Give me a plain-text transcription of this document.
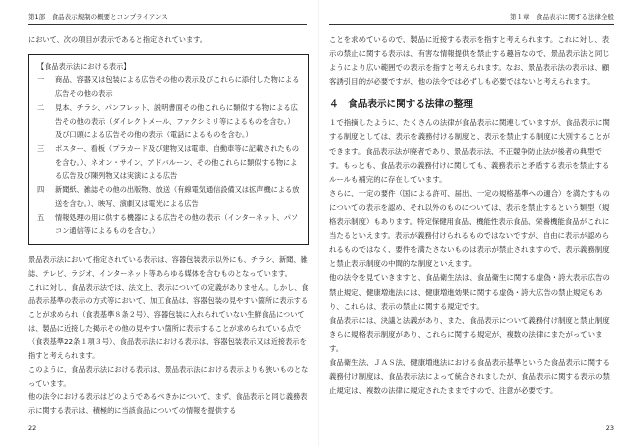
第1部　食品表示規制の概要とコンプライアンス

において、次の項目が表示であると指定されています。

【食品表示法における表示】

一	商品、容器又は包装による広告その他の表示及びこれらに添付した物による広告その他の表示
二	見本、チラシ、パンフレット、説明書面その他これらに類似する物による広告その他の表示（ダイレクトメール、ファクシミリ等によるものを含む。）及び口頭による広告その他の表示（電話によるものを含む。）
三	ポスター、看板（プラカード及び建物又は電車、自動車等に記載されたものを含む。）、ネオン・サイン、アドバルーン、その他これらに類似する物による広告及び陳列物又は実演による広告
四	新聞紙、雑誌その他の出版物、放送（有線電気通信設備又は拡声機による放送を含む。）、映写、演劇又は電光による広告
五	情報処理の用に供する機器による広告その他の表示（インターネット、パソコン通信等によるものを含む。）

景品表示法において指定されている表示は、容器包装表示以外にも、チラシ、新聞、雑誌、テレビ、ラジオ、インターネット等あらゆる媒体を含むものとなっています。

これに対し、食品表示法では、法文上、表示についての定義がありません。しかし、食品表示基準の表示の方式等において、加工食品は、容器包装の見やすい箇所に表示することが求められ（食表基準８条２号）、容器包装に入れられていない生鮮食品については、製品に近接した掲示その他の見やすい箇所に表示することが求められている点で（食表基準22条１項３号）、食品表示法における表示は、容器包装表示又は近接表示を指すと考えられます。

このように、食品表示法における表示は、景品表示法における表示よりも狭いものとなっています。

他の法令における表示はどのようであるべきかについて、まず、食品表示と同じ義務表示に関する表示は、積極的に当該食品についての情報を提供する

22
第１章　食品表示に関する法律全般

ことを求めているので、製品に近接する表示を指すと考えられます。これに対し、表示の禁止に関する表示は、有害な情報提供を禁止する趣旨なので、景品表示法と同じようにより広い範囲での表示を指すと考えられます。なお、景品表示法の表示は、顧客誘引目的が必要ですが、他の法令では必ずしも必要ではないと考えられます。

４　食品表示に関する法律の整理

１で指摘したように、たくさんの法律が食品表示に関連していますが、食品表示に関する制度としては、表示を義務付ける制度と、表示を禁止する制度に大別することができます。食品表示法が廃者であり、景品表示法、不正競争防止法が後者の典型です。もっとも、食品表示の義務付けに関しても、義務表示と矛盾する表示を禁止するルールも補完的に存在しています。

さらに、一定の要件（国による許可、届出、一定の規格基準への適合）を満たすものについての表示を認め、それ以外のものについては、表示を禁止するという類型（規格表示制度）もあります。特定保健用食品、機能性表示食品、栄養機能食品がこれに当たるといえます。表示が義務付けられるものではないですが、自由に表示が認められるものではなく、要件を満たさないものは表示が禁止されますので、表示義務制度と禁止表示制度の中間的な制度といえます。

他の法令を見ていきますと、食品衛生法は、食品衛生に関する虚偽・誇大表示広告の禁止規定、健康増進法には、健康増進効果に関する虚偽・誇大広告の禁止規定もあり、これらは、表示の禁止に関する規定です。

食品表示には、決議と法義があり、また、食品表示について義務付け制度と禁止制度きらに規格表示制度があり、これらに関する規定が、複数の法律にまたがっています。

食品衛生法、ＪＡＳ法、健康増進法における食品表示基準というた食品表示に関する義務付け制度は、食品表示法によって統合されましたが、食品表示に関する表示の禁止規定は、複数の法律に規定されたままですので、注意が必要です。

23
